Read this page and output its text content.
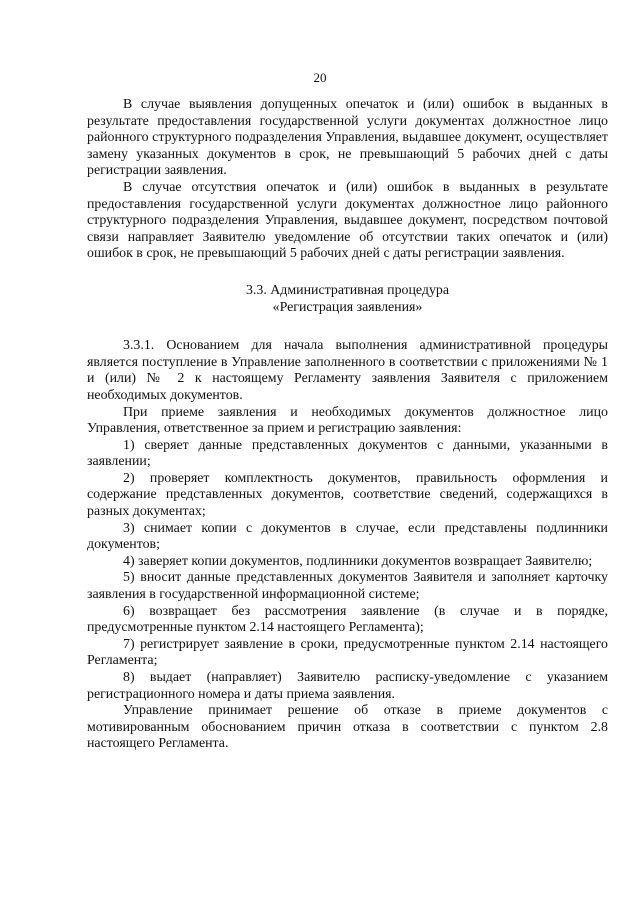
20

В случае выявления допущенных опечаток и (или) ошибок в выданных в результате предоставления государственной услуги документах должностное лицо районного структурного подразделения Управления, выдавшее документ, осуществляет замену указанных документов в срок, не превышающий 5 рабочих дней с даты регистрации заявления.

В случае отсутствия опечаток и (или) ошибок в выданных в результате предоставления государственной услуги документах должностное лицо районного структурного подразделения Управления, выдавшее документ, посредством почтовой связи направляет Заявителю уведомление об отсутствии таких опечаток и (или) ошибок в срок, не превышающий 5 рабочих дней с даты регистрации заявления.

3.3. Административная процедура
«Регистрация заявления»

3.3.1. Основанием для начала выполнения административной процедуры является поступление в Управление заполненного в соответствии с приложениями № 1 и (или) № 2 к настоящему Регламенту заявления Заявителя с приложением необходимых документов.

При приеме заявления и необходимых документов должностное лицо Управления, ответственное за прием и регистрацию заявления:

1) сверяет данные представленных документов с данными, указанными в заявлении;

2) проверяет комплектность документов, правильность оформления и содержание представленных документов, соответствие сведений, содержащихся в разных документах;

3) снимает копии с документов в случае, если представлены подлинники документов;

4) заверяет копии документов, подлинники документов возвращает Заявителю;

5) вносит данные представленных документов Заявителя и заполняет карточку заявления в государственной информационной системе;

6) возвращает без рассмотрения заявление (в случае и в порядке, предусмотренные пунктом 2.14 настоящего Регламента);

7) регистрирует заявление в сроки, предусмотренные пунктом 2.14 настоящего Регламента;

8) выдает (направляет) Заявителю расписку-уведомление с указанием регистрационного номера и даты приема заявления.

Управление принимает решение об отказе в приеме документов с мотивированным обоснованием причин отказа в соответствии с пунктом 2.8 настоящего Регламента.
